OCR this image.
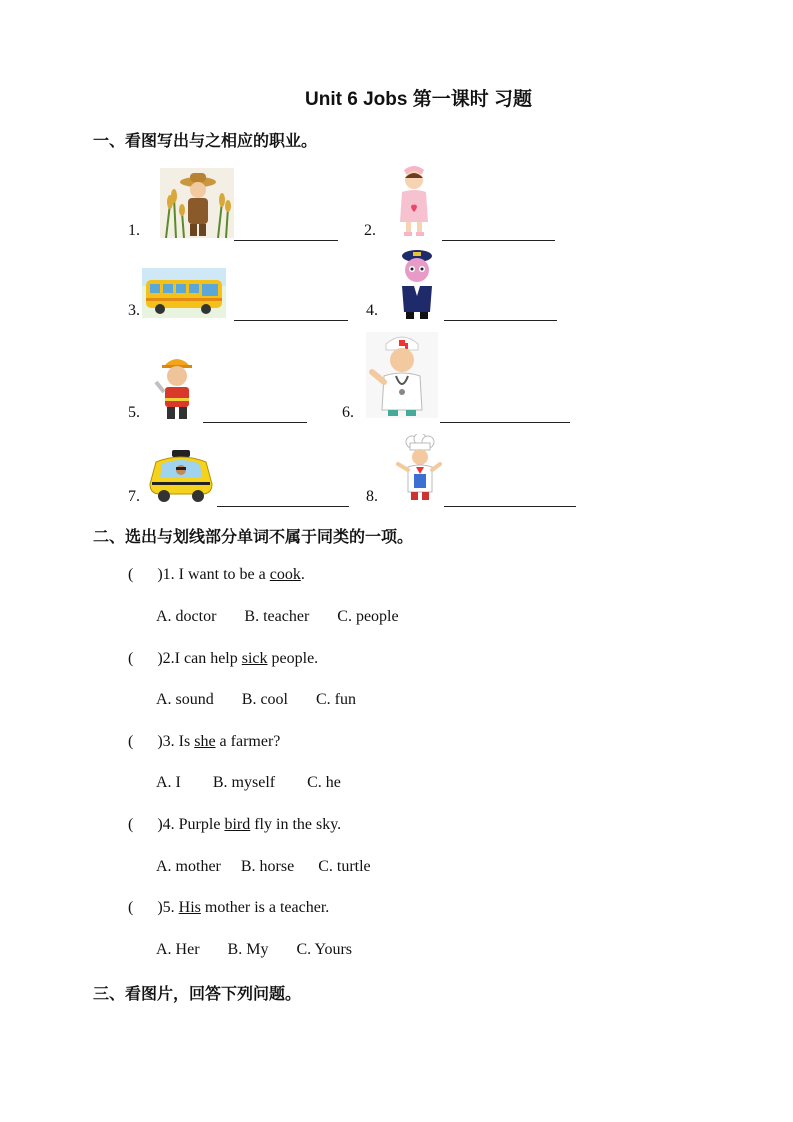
Unit 6 Jobs 第一课时 习题
一、看图写出与之相应的职业。
1.	2.
3.	4.
5.	6.
7.	8.
二、选出与划线部分单词不属于同类的一项。
(      )1. I want to be a cook.
A. doctor       B. teacher       C. people
(      )2.I can help sick people.
A. sound       B. cool       C. fun
(      )3. Is she a farmer?
A. I        B. myself        C. he
(      )4. Purple bird fly in the sky.
A. mother     B. horse      C. turtle
(      )5. His mother is a teacher.
A. Her       B. My       C. Yours
三、看图片，回答下列问题。
